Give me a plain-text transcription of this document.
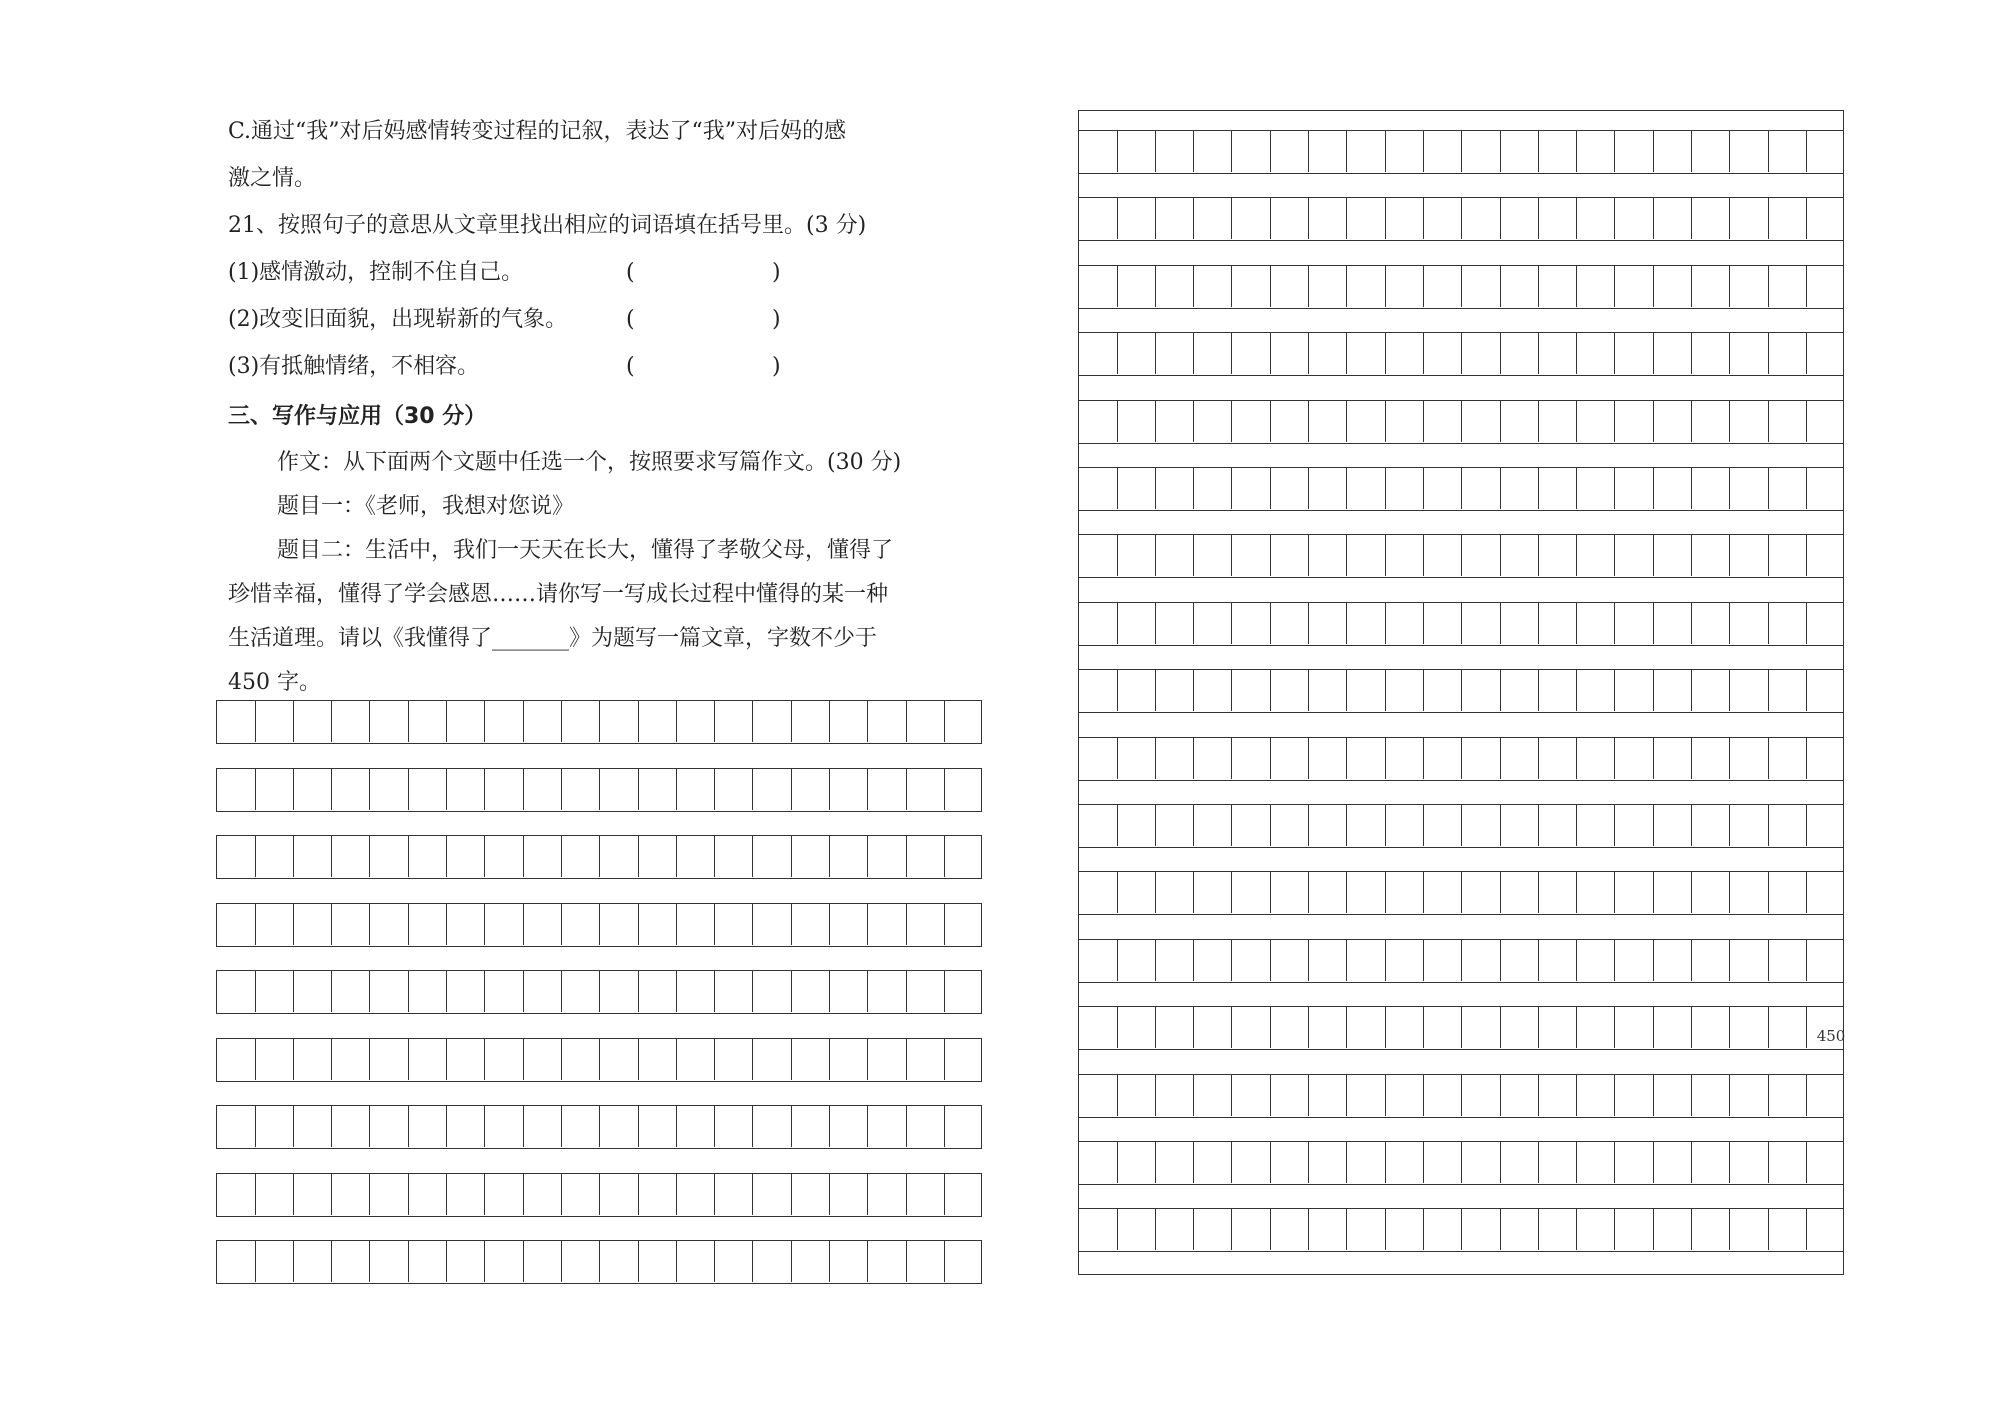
C.通过“我”对后妈感情转变过程的记叙，表达了“我”对后妈的感
激之情。
21、按照句子的意思从文章里找出相应的词语填在括号里。(3 分)
(1)感情激动，控制不住自己。	(	)
(2)改变旧面貌，出现崭新的气象。	(	)
(3)有抵触情绪，不相容。	(	)
三、写作与应用（30 分）
作文：从下面两个文题中任选一个，按照要求写篇作文。(30 分)
题目一：《老师，我想对您说》
题目二：生活中，我们一天天在长大，懂得了孝敬父母，懂得了
珍惜幸福，懂得了学会感恩……请你写一写成长过程中懂得的某一种
生活道理。请以《我懂得了_______》为题写一篇文章，字数不少于
450 字。
450
